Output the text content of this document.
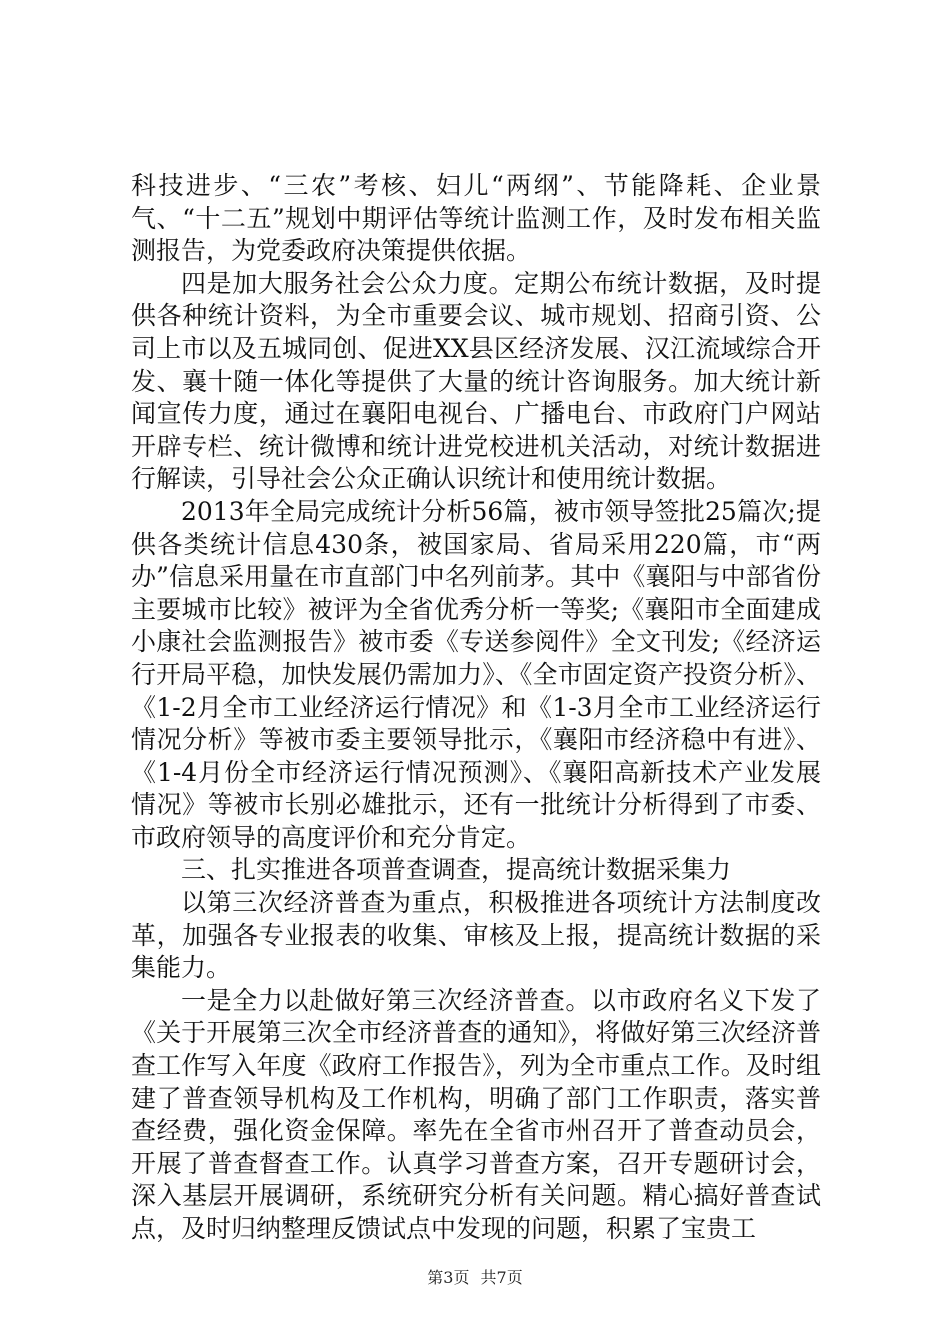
科技进步、“三农”考核、妇儿“两纲”、节能降耗、企业景气、“十二五”规划中期评估等统计监测工作，及时发布相关监测报告，为党委政府决策提供依据。

四是加大服务社会公众力度。定期公布统计数据，及时提供各种统计资料，为全市重要会议、城市规划、招商引资、公司上市以及五城同创、促进XX县区经济发展、汉江流域综合开发、襄十随一体化等提供了大量的统计咨询服务。加大统计新闻宣传力度，通过在襄阳电视台、广播电台、市政府门户网站开辟专栏、统计微博和统计进党校进机关活动，对统计数据进行解读，引导社会公众正确认识统计和使用统计数据。

2013年全局完成统计分析56篇，被市领导签批25篇次;提供各类统计信息430条，被国家局、省局采用220篇，市“两办”信息采用量在市直部门中名列前茅。其中《襄阳与中部省份主要城市比较》被评为全省优秀分析一等奖;《襄阳市全面建成小康社会监测报告》被市委《专送参阅件》全文刊发;《经济运行开局平稳，加快发展仍需加力》、《全市固定资产投资分析》、《1-2月全市工业经济运行情况》和《1-3月全市工业经济运行情况分析》等被市委主要领导批示，《襄阳市经济稳中有进》、《1-4月份全市经济运行情况预测》、《襄阳高新技术产业发展情况》等被市长别必雄批示，还有一批统计分析得到了市委、市政府领导的高度评价和充分肯定。

三、扎实推进各项普查调查，提高统计数据采集力

以第三次经济普查为重点，积极推进各项统计方法制度改革，加强各专业报表的收集、审核及上报，提高统计数据的采集能力。

一是全力以赴做好第三次经济普查。以市政府名义下发了《关于开展第三次全市经济普查的通知》，将做好第三次经济普查工作写入年度《政府工作报告》，列为全市重点工作。及时组建了普查领导机构及工作机构，明确了部门工作职责，落实普查经费，强化资金保障。率先在全省市州召开了普查动员会，开展了普查督查工作。认真学习普查方案，召开专题研讨会，深入基层开展调研，系统研究分析有关问题。精心搞好普查试点，及时归纳整理反馈试点中发现的问题，积累了宝贵工

第3页 共7页
